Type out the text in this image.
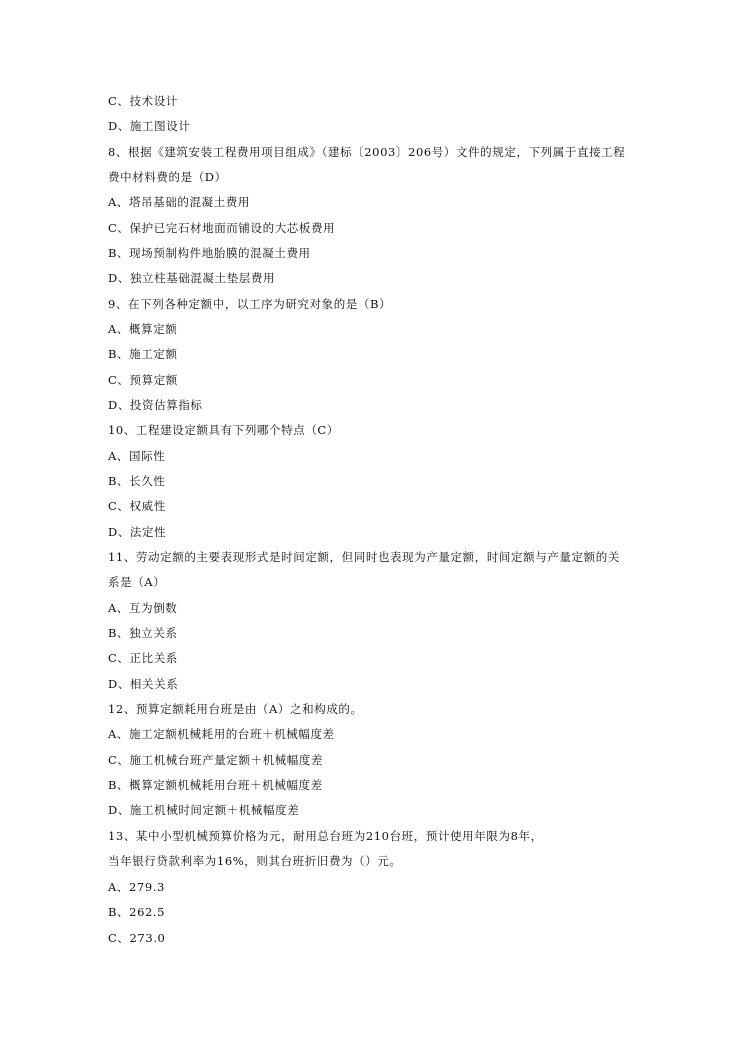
C、技术设计
D、施工图设计
8、根据《建筑安装工程费用项目组成》（建标〔2003〕206号）文件的规定，下列属于直接工程
费中材料费的是（D）
A、塔吊基础的混凝土费用
C、保护已完石材地面而铺设的大芯板费用
B、现场预制构件地胎膜的混凝土费用
D、独立柱基础混凝土垫层费用
9、在下列各种定额中，以工序为研究对象的是（B）
A、概算定额
B、施工定额
C、预算定额
D、投资估算指标
10、工程建设定额具有下列哪个特点（C）
A、国际性
B、长久性
C、权威性
D、法定性
11、劳动定额的主要表现形式是时间定额，但同时也表现为产量定额，时间定额与产量定额的关
系是（A）
A、互为倒数
B、独立关系
C、正比关系
D、相关关系
12、预算定额耗用台班是由（A）之和构成的。
A、施工定额机械耗用的台班＋机械幅度差
C、施工机械台班产量定额＋机械幅度差
B、概算定额机械耗用台班＋机械幅度差
D、施工机械时间定额＋机械幅度差
13、某中小型机械预算价格为元，耐用总台班为210台班，预计使用年限为8年，
当年银行贷款利率为16%，则其台班折旧费为（）元。
A、279.3
B、262.5
C、273.0
